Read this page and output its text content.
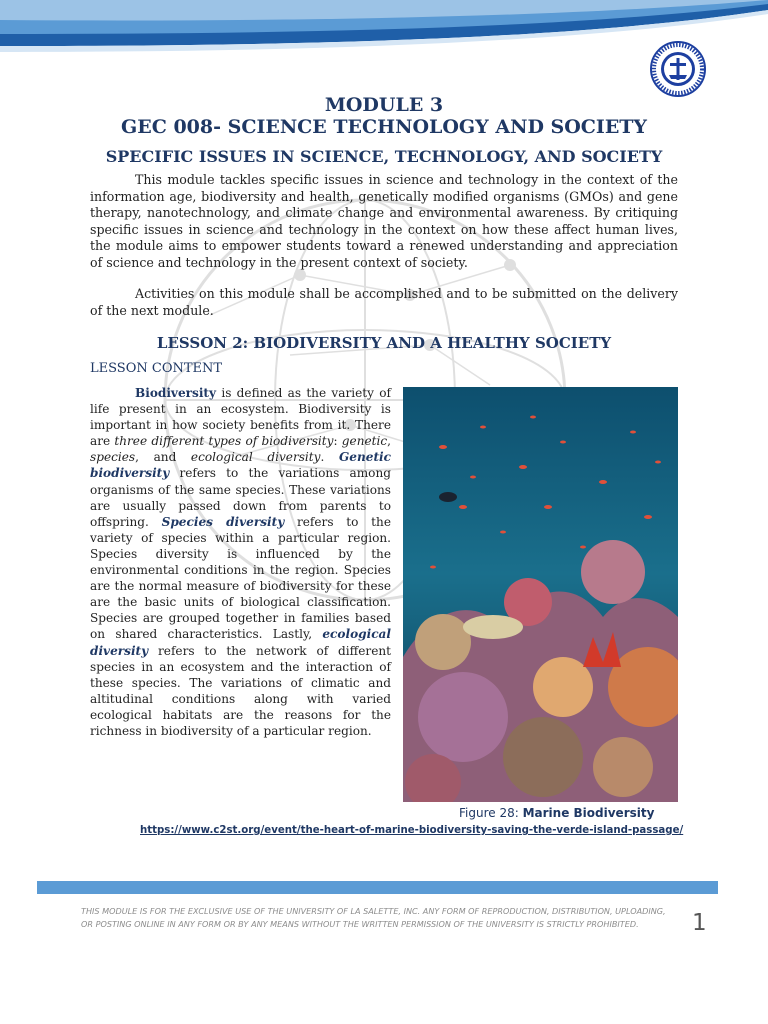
MODULE 3
GEC 008- SCIENCE TECHNOLOGY AND SOCIETY
SPECIFIC ISSUES IN SCIENCE, TECHNOLOGY, AND SOCIETY

This module tackles specific issues in science and technology in the context of the information age, biodiversity and health, genetically modified organisms (GMOs) and gene therapy, nanotechnology, and climate change and environmental awareness. By critiquing specific issues in science and technology in the context on how these affect human lives, the module aims to empower students toward a renewed understanding and appreciation of science and technology in the present context of society.

Activities on this module shall be accomplished and to be submitted on the delivery of the next module.

LESSON 2: BIODIVERSITY AND A HEALTHY SOCIETY
LESSON CONTENT

Biodiversity is defined as the variety of life present in an ecosystem. Biodiversity is important in how society benefits from it. There are three different types of biodiversity: genetic, species, and ecological diversity. Genetic biodiversity refers to the variations among organisms of the same species. These variations are usually passed down from parents to offspring. Species diversity refers to the variety of species within a particular region. Species diversity is influenced by the environmental conditions in the region. Species are the normal measure of biodiversity for these are the basic units of biological classification. Species are grouped together in families based on shared characteristics. Lastly, ecological diversity refers to the network of different species in an ecosystem and the interaction of these species. The variations of climatic and altitudinal conditions along with varied ecological habitats are the reasons for the richness in biodiversity of a particular region.

Figure 28: Marine Biodiversity
https://www.c2st.org/event/the-heart-of-marine-biodiversity-saving-the-verde-island-passage/

THIS MODULE IS FOR THE EXCLUSIVE USE OF THE UNIVERSITY OF LA SALETTE, INC. ANY FORM OF REPRODUCTION, DISTRIBUTION, UPLOADING, OR POSTING ONLINE IN ANY FORM OR BY ANY MEANS WITHOUT THE WRITTEN PERMISSION OF THE UNIVERSITY IS STRICTLY PROHIBITED.	1
